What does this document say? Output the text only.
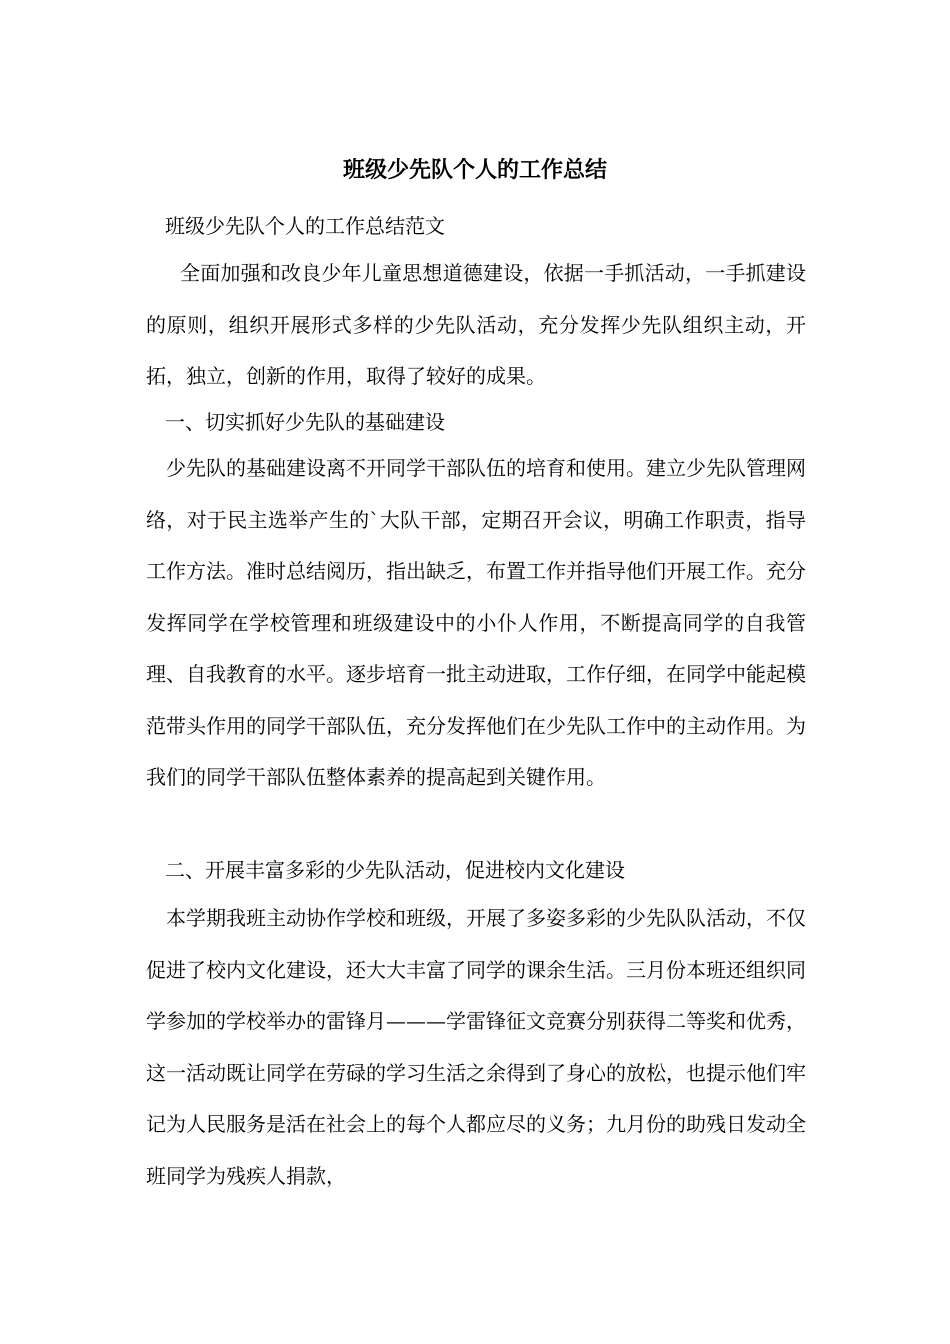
班级少先队个人的工作总结
班级少先队个人的工作总结范文

全面加强和改良少年儿童思想道德建设，依据一手抓活动，一手抓建设的原则，组织开展形式多样的少先队活动，充分发挥少先队组织主动，开拓，独立，创新的作用，取得了较好的成果。

一、切实抓好少先队的基础建设

少先队的基础建设离不开同学干部队伍的培育和使用。建立少先队管理网络，对于民主选举产生的`大队干部，定期召开会议，明确工作职责，指导工作方法。准时总结阅历，指出缺乏，布置工作并指导他们开展工作。充分发挥同学在学校管理和班级建设中的小仆人作用，不断提高同学的自我管理、自我教育的水平。逐步培育一批主动进取，工作仔细，在同学中能起模范带头作用的同学干部队伍，充分发挥他们在少先队工作中的主动作用。为我们的同学干部队伍整体素养的提高起到关键作用。

二、开展丰富多彩的少先队活动，促进校内文化建设

本学期我班主动协作学校和班级，开展了多姿多彩的少先队队活动，不仅促进了校内文化建设，还大大丰富了同学的课余生活。三月份本班还组织同学参加的学校举办的雷锋月———学雷锋征文竞赛分别获得二等奖和优秀，这一活动既让同学在劳碌的学习生活之余得到了身心的放松，也提示他们牢记为人民服务是活在社会上的每个人都应尽的义务；九月份的助残日发动全班同学为残疾人捐款，
